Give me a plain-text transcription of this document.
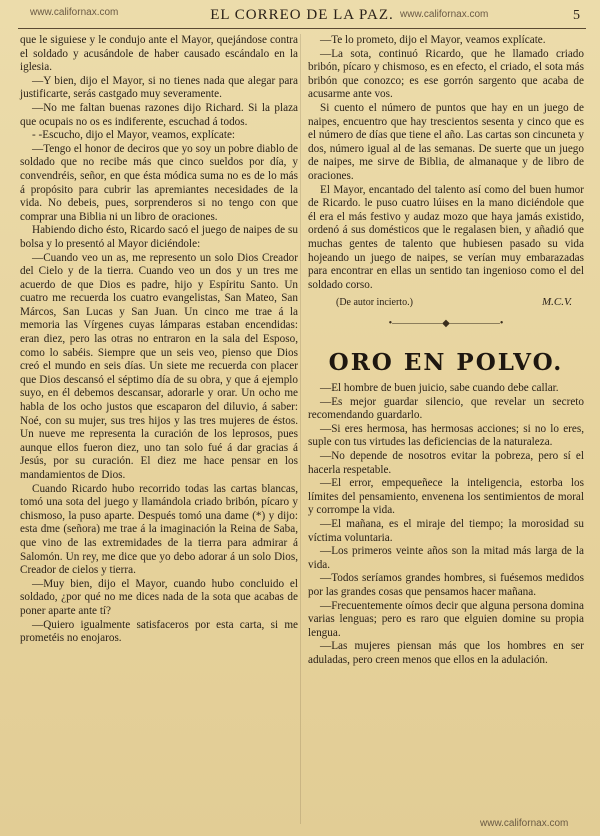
www.californax.com	www.californax.com
EL CORREO DE LA PAZ.	5

que le siguiese y le condujo ante el Mayor, quejándose contra el soldado y acusándole de haber causado escándalo en la iglesia.

—Y bien, dijo el Mayor, si no tienes nada que alegar para justificarte, serás castgado muy severamente.

—No me faltan buenas razones dijo Richard. Si la plaza que ocupais no os es indiferente, escuchad á todos.

- -Escucho, dijo el Mayor, veamos, explícate:

—Tengo el honor de deciros que yo soy un pobre diablo de soldado que no recibe más que cinco sueldos por día, y convendréis, señor, en que ésta módica suma no es de lo más á propósito para cubrir las apremiantes necesidades de la vida. No debeis, pues, sorprenderos si no tengo con que comprar una Biblia ni un libro de oraciones.

Habiendo dicho ésto, Ricardo sacó el juego de naipes de su bolsa y lo presentó al Mayor diciéndole:

—Cuando veo un as, me represento un solo Dios Creador del Cielo y de la tierra. Cuando veo un dos y un tres me acuerdo de que Dios es padre, hijo y Espíritu Santo. Un cuatro me recuerda los cuatro evangelistas, San Mateo, San Márcos, San Lucas y San Juan. Un cinco me trae á la memoria las Vírgenes cuyas lámparas estaban encendidas: eran diez, pero las otras no entraron en la sala del Esposo, como lo sabéis. Siempre que un seis veo, pienso que Dios creó el mundo en seis días. Un siete me recuerda con placer que Dios descansó el séptimo día de su obra, y que á ejemplo suyo, en él debemos descansar, adorarle y orar. Un ocho me habla de los ocho justos que escaparon del diluvio, á saber: Noé, con su mujer, sus tres hijos y las tres mujeres de éstos. Un nueve me representa la curación de los leprosos, pues aunque ellos fueron diez, uno tan solo fué á dar gracias á Jesús, por su curación. El diez me hace pensar en los mandamientos de Dios.

Cuando Ricardo hubo recorrido todas las cartas blancas, tomó una sota del juego y llamándola criado bribón, pícaro y chismoso, la puso aparte. Después tomó una dame (*) y dijo: esta dme (señora) me trae á la imaginación la Reina de Saba, que vino de las extremidades de la tierra para admirar á Salomón. Un rey, me dice que yo debo adorar á un solo Dios, Creador de cielos y tierra.

—Muy bien, dijo el Mayor, cuando hubo concluido el soldado, ¿por qué no me dices nada de la sota que acabas de poner aparte ante tí?

—Quiero igualmente satisfaceros por esta carta, si me prometéis no enojaros.

—Te lo prometo, dijo el Mayor, veamos explícate.

—La sota, continuó Ricardo, que he llamado criado bribón, pícaro y chismoso, es en efecto, el criado, el sota más bribón que conozco; es ese gorrón sargento que acaba de acusarme ante vos.

Si cuento el número de puntos que hay en un juego de naipes, encuentro que hay trescientos sesenta y cinco que es el número de días que tiene el año. Las cartas son cincuneta y dos, número igual al de las semanas. De suerte que un juego de naipes, me sirve de Biblia, de almanaque y de libro de oraciones.

El Mayor, encantado del talento así como del buen humor de Ricardo. le puso cuatro lúises en la mano diciéndole que él era el más festivo y audaz mozo que haya jamás existido, ordenó á sus domésticos que le regalasen bien, y añadió que muchas gentes de talento que hubiesen pasado su vida hojeando un juego de naipes, se verían muy embarazadas para encontrar en ellas un sentido tan ingenioso como el del soldado corso.

(De autor incierto.)	M.C.V.
•—————◆—————•
ORO EN POLVO.

—El hombre de buen juicio, sabe cuando debe callar.

—Es mejor guardar silencio, que revelar un secreto recomendando guardarlo.

—Si eres hermosa, has hermosas acciones; si no lo eres, suple con tus virtudes las deficiencias de la naturaleza.

—No depende de nosotros evitar la pobreza, pero sí el hacerla respetable.

—El error, empequeñece la inteligencia, estorba los límites del pensamiento, envenena los sentimientos de moral y corrompe la vida.

—El mañana, es el miraje del tiempo; la morosidad su víctima voluntaria.

—Los primeros veinte años son la mitad más larga de la vida.

—Todos seríamos grandes hombres, si fuésemos medidos por las grandes cosas que pensamos hacer mañana.

—Frecuentemente oímos decir que alguna persona domina varias lenguas; pero es raro que elguien domine su propia lengua.

—Las mujeres piensan más que los hombres en ser aduladas, pero creen menos que ellos en la adulación.

www.californax.com
